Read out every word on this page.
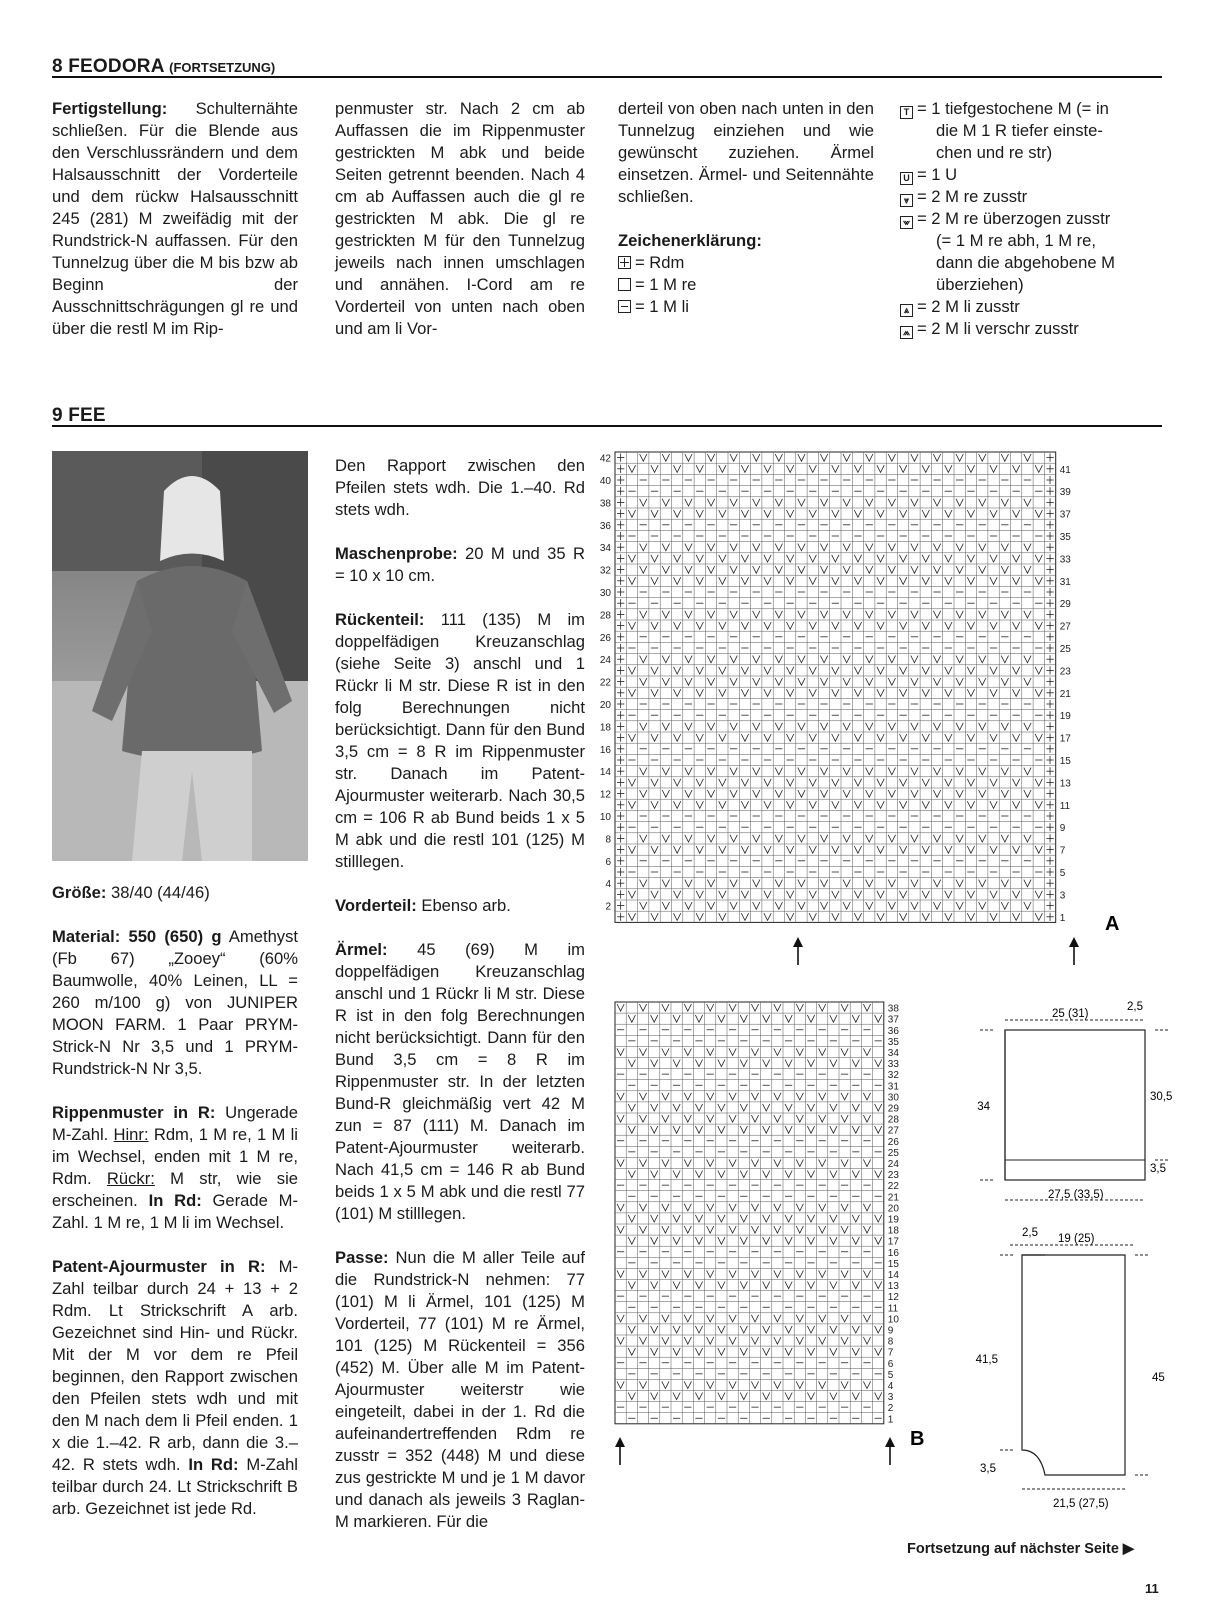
8 FEODORA (FORTSETZUNG)

Fertigstellung: Schulternähte schließen. Für die Blende aus den Verschlussrändern und dem Halsausschnitt der Vorderteile und dem rückw Halsausschnitt 245 (281) M zweifädig mit der Rundstrick-N auffassen. Für den Tunnelzug über die M bis bzw ab Beginn der Ausschnittschrägungen gl re und über die restl M im Rip-

penmuster str. Nach 2 cm ab Auffassen die im Rippenmuster gestrickten M abk und beide Seiten getrennt beenden. Nach 4 cm ab Auffassen auch die gl re gestrickten M abk. Die gl re gestrickten M für den Tunnelzug jeweils nach innen umschlagen und annähen. I-Cord am re Vorderteil von unten nach oben und am li Vor-

derteil von oben nach unten in den Tunnelzug einziehen und wie gewünscht zuziehen. Ärmel einsetzen. Ärmel- und Seitennähte schließen.

Zeichenerklärung:

= Rdm
= 1 M re
= 1 M li
T = 1 tiefgestochene M (= in
die M 1 R tiefer einste-
chen und re str)
U = 1 U
⩔ = 2 M re zusstr
⩖ = 2 M re überzogen zusstr
(= 1 M re abh, 1 M re,
dann die abgehobene M
überziehen)
⩓ = 2 M li zusstr
⩕ = 2 M li verschr zusstr
9 FEE

Größe: 38/40 (44/46)

Material: 550 (650) g Amethyst (Fb 67) „Zooey“ (60% Baumwolle, 40% Leinen, LL = 260 m/100 g) von JUNIPER MOON FARM. 1 Paar PRYM-Strick-N Nr 3,5 und 1 PRYM-Rundstrick-N Nr 3,5.

Rippenmuster in R: Ungerade M-Zahl. Hinr: Rdm, 1 M re, 1 M li im Wechsel, enden mit 1 M re, Rdm. Rückr: M str, wie sie erscheinen. In Rd: Gerade M-Zahl. 1 M re, 1 M li im Wechsel.

Patent-Ajourmuster in R: M-Zahl teilbar durch 24 + 13 + 2 Rdm. Lt Strickschrift A arb. Gezeichnet sind Hin- und Rückr. Mit der M vor dem re Pfeil beginnen, den Rapport zwischen den Pfeilen stets wdh und mit den M nach dem li Pfeil enden. 1 x die 1.–42. R arb, dann die 3.–42. R stets wdh. In Rd: M-Zahl teilbar durch 24. Lt Strickschrift B arb. Gezeichnet ist jede Rd.

Den Rapport zwischen den Pfeilen stets wdh. Die 1.–40. Rd stets wdh.

Maschenprobe: 20 M und 35 R = 10 x 10 cm.

Rückenteil: 111 (135) M im doppelfädigen Kreuzanschlag (siehe Seite 3) anschl und 1 Rückr li M str. Diese R ist in den folg Berechnungen nicht berücksichtigt. Dann für den Bund 3,5 cm = 8 R im Rippenmuster str. Danach im Patent-Ajourmuster weiterarb. Nach 30,5 cm = 106 R ab Bund beids 1 x 5 M abk und die restl 101 (125) M stilllegen.

Vorderteil: Ebenso arb.

Ärmel: 45 (69) M im doppelfädigen Kreuzanschlag anschl und 1 Rückr li M str. Diese R ist in den folg Berechnungen nicht berücksichtigt. Dann für den Bund 3,5 cm = 8 R im Rippenmuster str. In der letzten Bund-R gleichmäßig vert 42 M zun = 87 (111) M. Danach im Patent-Ajourmuster weiterarb. Nach 41,5 cm = 146 R ab Bund beids 1 x 5 M abk und die restl 77 (101) M stilllegen.

Passe: Nun die M aller Teile auf die Rundstrick-N nehmen: 77 (101) M li Ärmel, 101 (125) M Vorderteil, 77 (101) M re Ärmel, 101 (125) M Rückenteil = 356 (452) M. Über alle M im Patent-Ajourmuster weiterstr wie eingeteilt, dabei in der 1. Rd die aufeinandertreffenden Rdm re zusstr = 352 (448) M und diese zus gestrickte M und je 1 M davor und danach als jeweils 3 Raglan-M markieren. Für die

42
40
38
36
34
32
30
28
26
24
22
20
18
16
14
12
10
8
6
4
2
41
39
37
35
33
31
29
27
25
23
21
19
17
15
13
11
9
7
5
3
1 A
38
37
36
35
34
33
32
31
30
29
28
27
26
25
24
23
22
21
20
19
18
17
16
15
14
13
12
11
10
9
8
7
6
5
4
3
2
1
B
25 (31)
2,5
34
30,5
3,5
27,5 (33,5)
19 (25)
2,5
41,5
45
3,5
21,5 (27,5)
Fortsetzung auf nächster Seite ▶
11
